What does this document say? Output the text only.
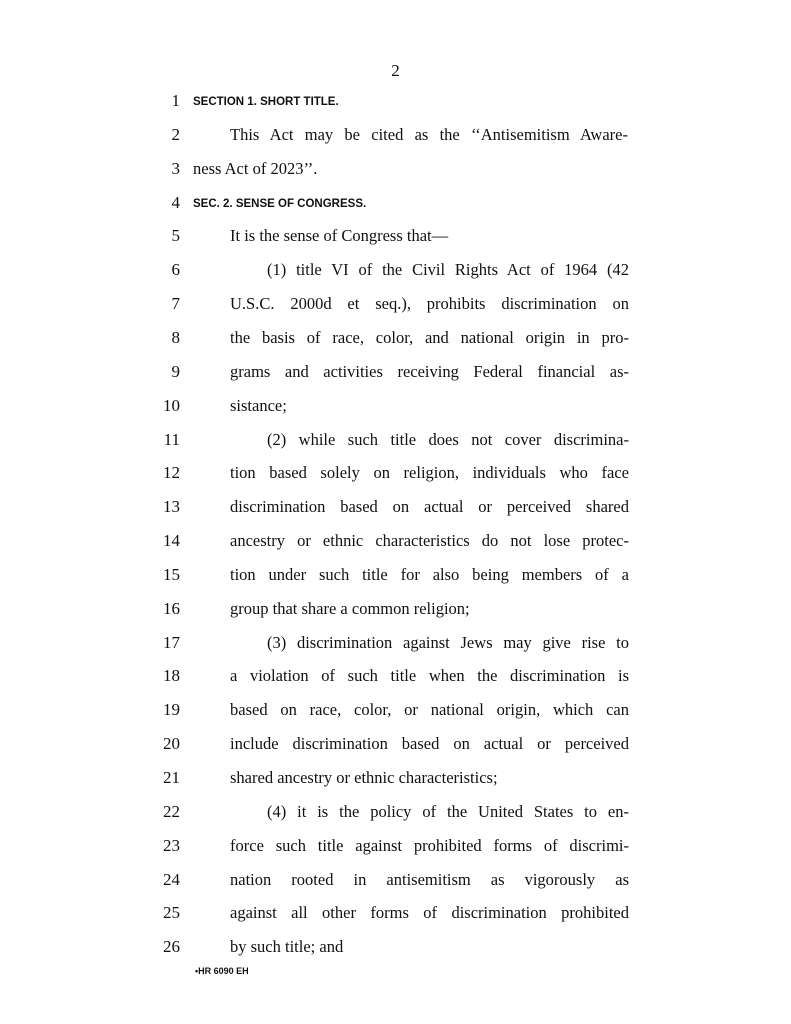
2
1 SECTION 1. SHORT TITLE.
2	This Act may be cited as the ‘‘Antisemitism Aware-
3 ness Act of 2023’’.
4 SEC. 2. SENSE OF CONGRESS.
5	It is the sense of Congress that—
6	(1) title VI of the Civil Rights Act of 1964 (42
7	U.S.C. 2000d et seq.), prohibits discrimination on
8	the basis of race, color, and national origin in pro-
9	grams and activities receiving Federal financial as-
10	sistance;
11	(2) while such title does not cover discrimina-
12	tion based solely on religion, individuals who face
13	discrimination based on actual or perceived shared
14	ancestry or ethnic characteristics do not lose protec-
15	tion under such title for also being members of a
16	group that share a common religion;
17	(3) discrimination against Jews may give rise to
18	a violation of such title when the discrimination is
19	based on race, color, or national origin, which can
20	include discrimination based on actual or perceived
21	shared ancestry or ethnic characteristics;
22	(4) it is the policy of the United States to en-
23	force such title against prohibited forms of discrimi-
24	nation rooted in antisemitism as vigorously as
25	against all other forms of discrimination prohibited
26	by such title; and
•HR 6090 EH
